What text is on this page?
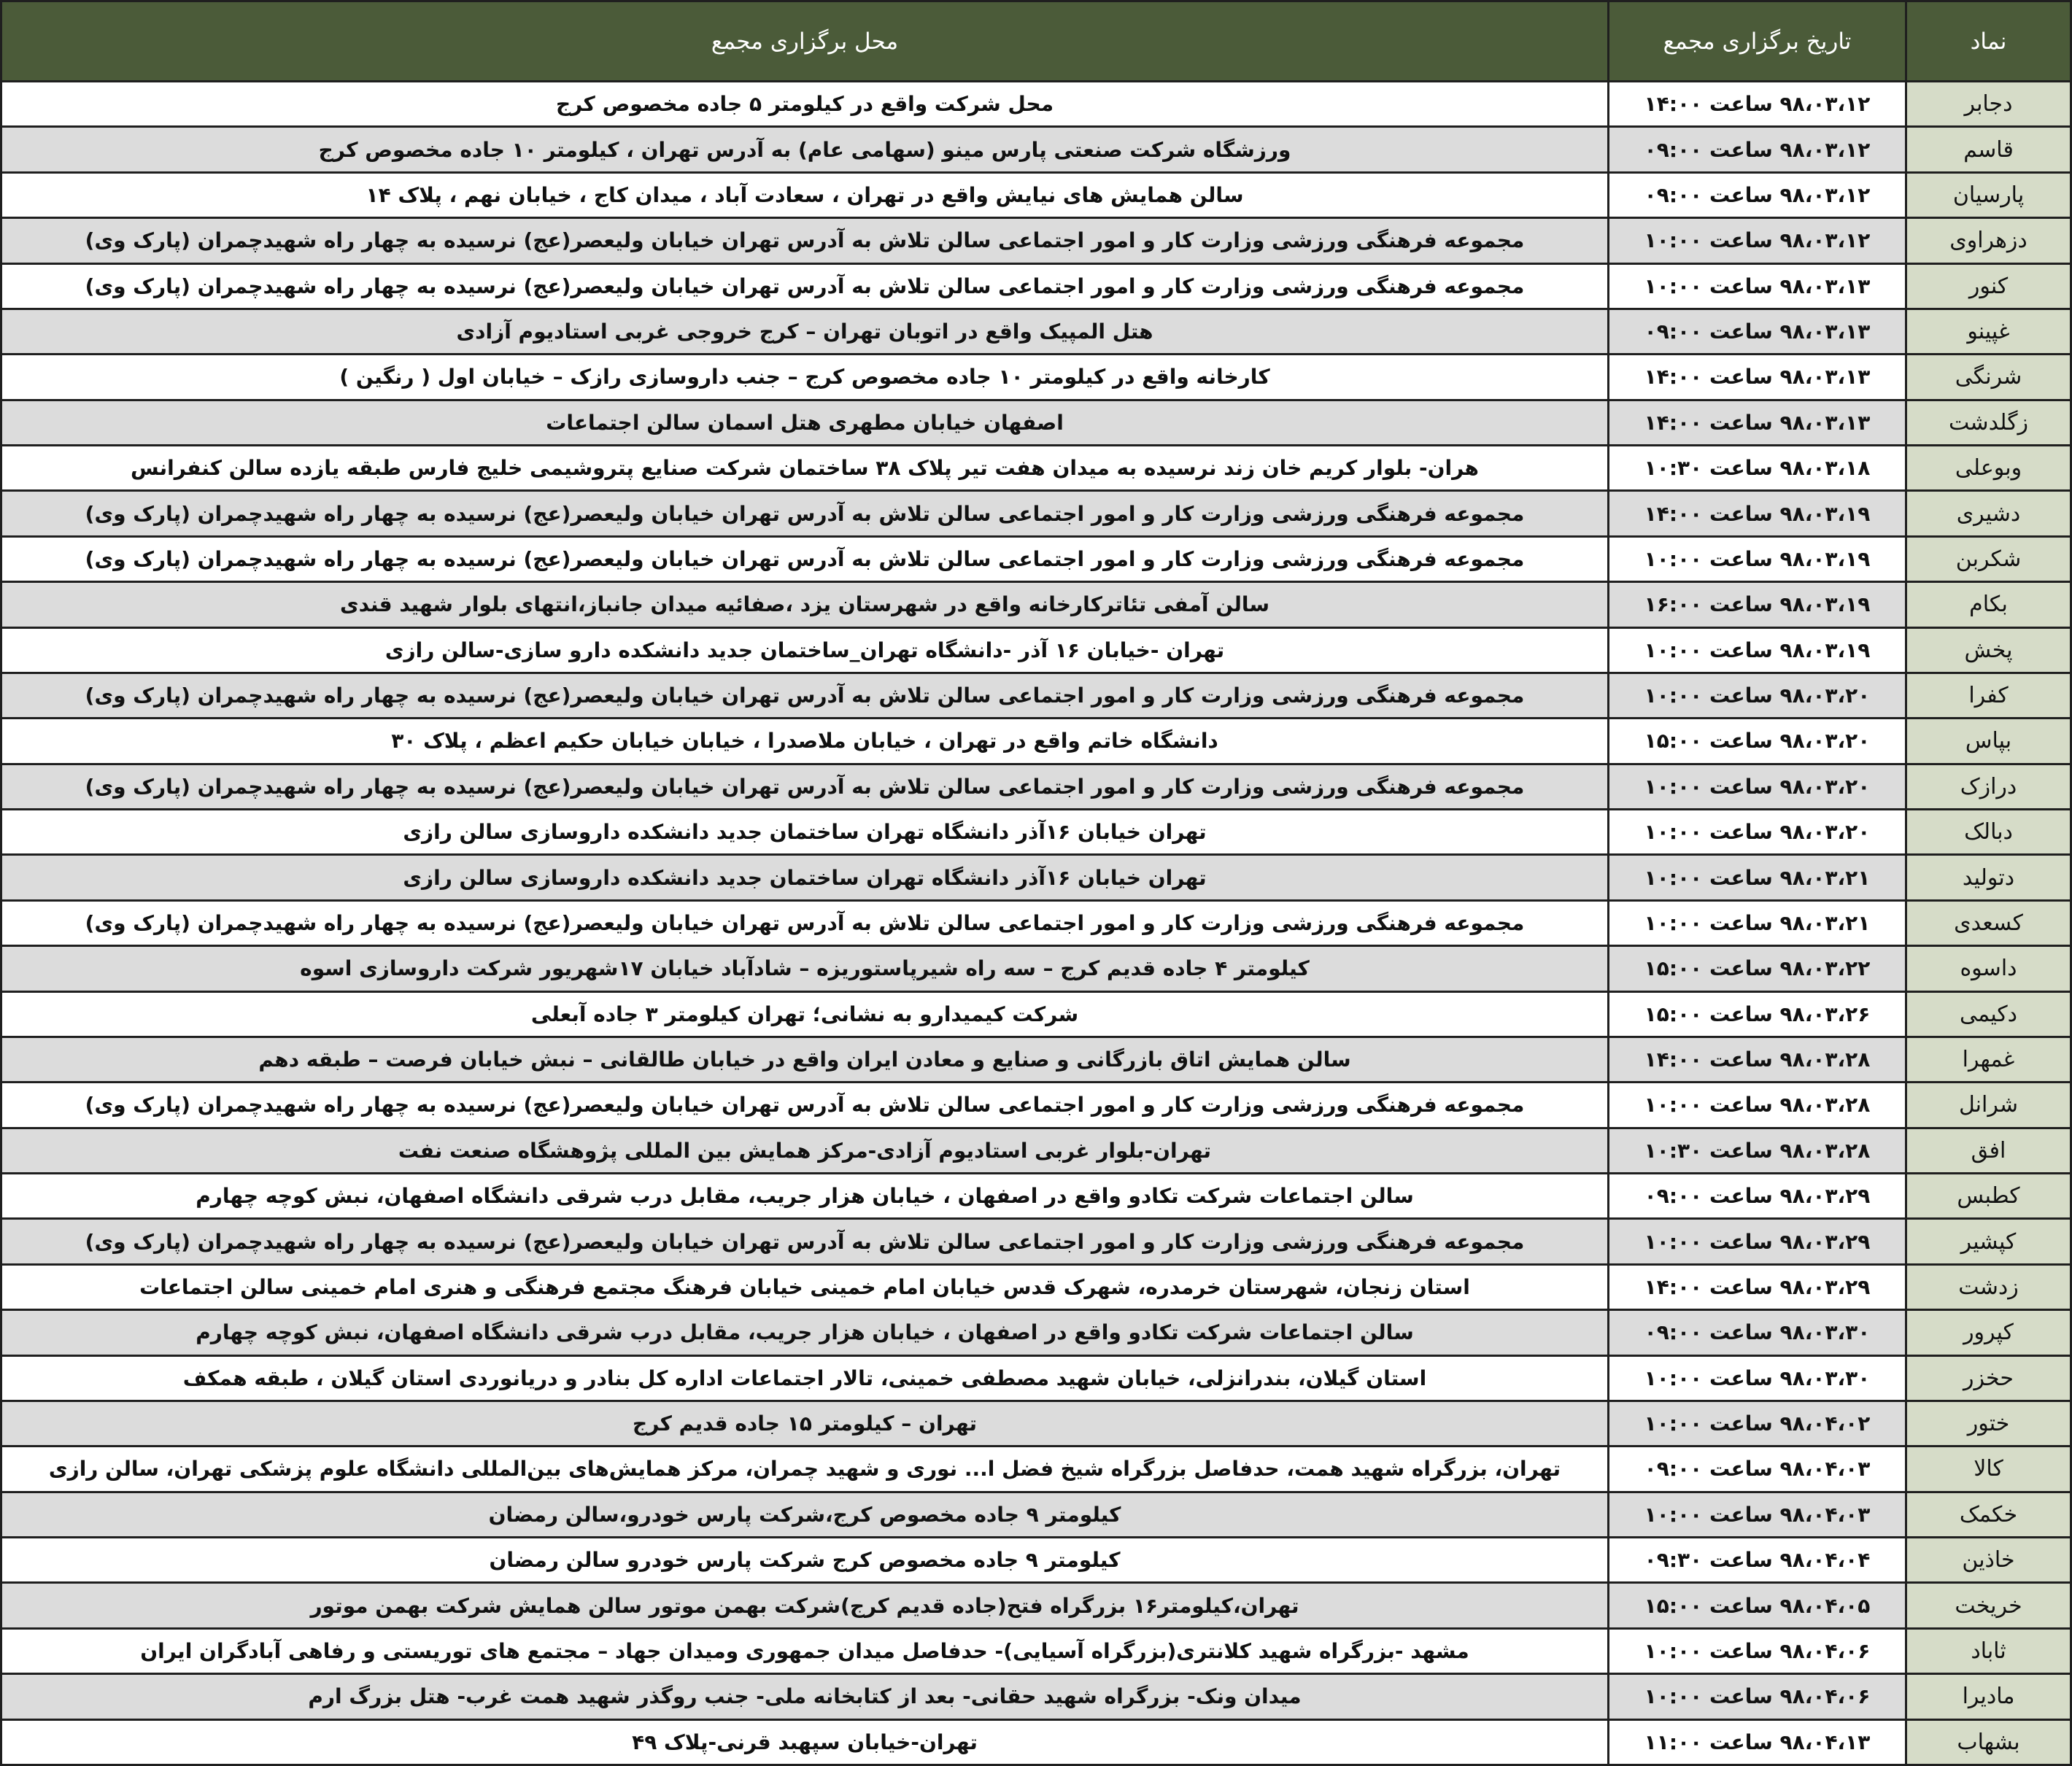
نماد	تاریخ برگزاری مجمع	محل برگزاری مجمع
دجابر	۹۸،۰۳،۱۲ ساعت ۱۴:۰۰	محل شرکت واقع در کیلومتر ۵ جاده مخصوص کرج
قاسم	۹۸،۰۳،۱۲ ساعت ۰۹:۰۰	ورزشگاه شرکت صنعتی پارس مینو (سهامی عام) به آدرس تهران ، کیلومتر ۱۰ جاده مخصوص کرج
پارسیان	۹۸،۰۳،۱۲ ساعت ۰۹:۰۰	سالن همایش های نیایش واقع در تهران ، سعادت آباد ، میدان کاج ، خیابان نهم ، پلاک ۱۴
دزهراوی	۹۸،۰۳،۱۲ ساعت ۱۰:۰۰	مجموعه فرهنگی ورزشی وزارت کار و امور اجتماعی سالن تلاش به آدرس تهران خیابان ولیعصر(عج) نرسیده به چهار راه شهیدچمران (پارک وی)
کنور	۹۸،۰۳،۱۳ ساعت ۱۰:۰۰	مجموعه فرهنگی ورزشی وزارت کار و امور اجتماعی سالن تلاش به آدرس تهران خیابان ولیعصر(عج) نرسیده به چهار راه شهیدچمران (پارک وی)
غپینو	۹۸،۰۳،۱۳ ساعت ۰۹:۰۰	هتل المپیک واقع در اتوبان تهران – کرج خروجی غربی استادیوم آزادی
شرنگی	۹۸،۰۳،۱۳ ساعت ۱۴:۰۰	کارخانه واقع در کیلومتر ۱۰ جاده مخصوص کرج – جنب داروسازی رازک – خیابان اول ( رنگین )
زگلدشت	۹۸،۰۳،۱۳ ساعت ۱۴:۰۰	اصفهان خیابان مطهری هتل اسمان سالن اجتماعات
وبوعلی	۹۸،۰۳،۱۸ ساعت ۱۰:۳۰	هران- بلوار کریم خان زند نرسیده به میدان هفت تیر پلاک ۳۸ ساختمان شرکت صنایع پتروشیمی خلیج فارس طبقه یازده سالن کنفرانس
دشیری	۹۸،۰۳،۱۹ ساعت ۱۴:۰۰	مجموعه فرهنگی ورزشی وزارت کار و امور اجتماعی سالن تلاش به آدرس تهران خیابان ولیعصر(عج) نرسیده به چهار راه شهیدچمران (پارک وی)
شکربن	۹۸،۰۳،۱۹ ساعت ۱۰:۰۰	مجموعه فرهنگی ورزشی وزارت کار و امور اجتماعی سالن تلاش به آدرس تهران خیابان ولیعصر(عج) نرسیده به چهار راه شهیدچمران (پارک وی)
بکام	۹۸،۰۳،۱۹ ساعت ۱۶:۰۰	سالن آمفی تئاترکارخانه واقع در شهرستان یزد ،صفائیه میدان جانباز،انتهای بلوار شهید قندی
پخش	۹۸،۰۳،۱۹ ساعت ۱۰:۰۰	تهران -خیابان ۱۶ آذر -دانشگاه تهران_ساختمان جدید دانشکده دارو سازی-سالن رازی
کفرا	۹۸،۰۳،۲۰ ساعت ۱۰:۰۰	مجموعه فرهنگی ورزشی وزارت کار و امور اجتماعی سالن تلاش به آدرس تهران خیابان ولیعصر(عج) نرسیده به چهار راه شهیدچمران (پارک وی)
بپاس	۹۸،۰۳،۲۰ ساعت ۱۵:۰۰	دانشگاه خاتم واقع در تهران ، خیابان ملاصدرا ، خیابان خیابان حکیم اعظم ، پلاک ۳۰
درازک	۹۸،۰۳،۲۰ ساعت ۱۰:۰۰	مجموعه فرهنگی ورزشی وزارت کار و امور اجتماعی سالن تلاش به آدرس تهران خیابان ولیعصر(عج) نرسیده به چهار راه شهیدچمران (پارک وی)
دبالک	۹۸،۰۳،۲۰ ساعت ۱۰:۰۰	تهران خیابان ۱۶آذر دانشگاه تهران ساختمان جدید دانشکده داروسازی سالن رازی
دتولید	۹۸،۰۳،۲۱ ساعت ۱۰:۰۰	تهران خیابان ۱۶آذر دانشگاه تهران ساختمان جدید دانشکده داروسازی سالن رازی
کسعدی	۹۸،۰۳،۲۱ ساعت ۱۰:۰۰	مجموعه فرهنگی ورزشی وزارت کار و امور اجتماعی سالن تلاش به آدرس تهران خیابان ولیعصر(عج) نرسیده به چهار راه شهیدچمران (پارک وی)
داسوه	۹۸،۰۳،۲۲ ساعت ۱۵:۰۰	کیلومتر ۴ جاده قدیم کرج – سه راه شیرپاستوریزه – شادآباد خیابان ۱۷شهریور شرکت داروسازی اسوه
دکیمی	۹۸،۰۳،۲۶ ساعت ۱۵:۰۰	شرکت کیمیدارو به نشانی؛ تهران کیلومتر ۳ جاده آبعلی
غمهرا	۹۸،۰۳،۲۸ ساعت ۱۴:۰۰	سالن همایش اتاق بازرگانی و صنایع و معادن ایران واقع در خیابان طالقانی – نبش خیابان فرصت – طبقه دهم
شرانل	۹۸،۰۳،۲۸ ساعت ۱۰:۰۰	مجموعه فرهنگی ورزشی وزارت کار و امور اجتماعی سالن تلاش به آدرس تهران خیابان ولیعصر(عج) نرسیده به چهار راه شهیدچمران (پارک وی)
افق	۹۸،۰۳،۲۸ ساعت ۱۰:۳۰	تهران-بلوار غربی استادیوم آزادی-مرکز همایش بین المللی پژوهشگاه صنعت نفت
کطبس	۹۸،۰۳،۲۹ ساعت ۰۹:۰۰	سالن اجتماعات شرکت تکادو واقع در اصفهان ، خیابان هزار جریب، مقابل درب شرقی دانشگاه اصفهان، نبش کوچه چهارم
کپشیر	۹۸،۰۳،۲۹ ساعت ۱۰:۰۰	مجموعه فرهنگی ورزشی وزارت کار و امور اجتماعی سالن تلاش به آدرس تهران خیابان ولیعصر(عج) نرسیده به چهار راه شهیدچمران (پارک وی)
زدشت	۹۸،۰۳،۲۹ ساعت ۱۴:۰۰	استان زنجان، شهرستان خرمدره، شهرک قدس خیابان امام خمینی خیابان فرهنگ مجتمع فرهنگی و هنری امام خمینی سالن اجتماعات
کپرور	۹۸،۰۳،۳۰ ساعت ۰۹:۰۰	سالن اجتماعات شرکت تکادو واقع در اصفهان ، خیابان هزار جریب، مقابل درب شرقی دانشگاه اصفهان، نبش کوچه چهارم
حخزر	۹۸،۰۳،۳۰ ساعت ۱۰:۰۰	استان گیلان، بندرانزلی، خیابان شهید مصطفی خمینی، تالار اجتماعات اداره کل بنادر و دریانوردی استان گیلان ، طبقه همکف
ختور	۹۸،۰۴،۰۲ ساعت ۱۰:۰۰	تهران – کیلومتر ۱۵ جاده قدیم کرج
کالا	۹۸،۰۴،۰۳ ساعت ۰۹:۰۰	تهران، بزرگراه شهید همت، حدفاصل بزرگراه شیخ فضل ا... نوری و شهید چمران، مرکز همایش‌های بین‌المللی دانشگاه علوم پزشکی تهران، سالن رازی
خکمک	۹۸،۰۴،۰۳ ساعت ۱۰:۰۰	کیلومتر ۹ جاده مخصوص کرج،شرکت پارس خودرو،سالن رمضان
خاذین	۹۸،۰۴،۰۴ ساعت ۰۹:۳۰	کیلومتر ۹ جاده مخصوص کرج شرکت پارس خودرو سالن رمضان
خریخت	۹۸،۰۴،۰۵ ساعت ۱۵:۰۰	تهران،کیلومتر۱۶ بزرگراه فتح(جاده قدیم کرج)شرکت بهمن موتور سالن همایش شرکت بهمن موتور
ثاباد	۹۸،۰۴،۰۶ ساعت ۱۰:۰۰	مشهد -بزرگراه شهید کلانتری(بزرگراه آسیایی)- حدفاصل میدان جمهوری ومیدان جهاد – مجتمع های توریستی و رفاهی آبادگران ایران
مادیرا	۹۸،۰۴،۰۶ ساعت ۱۰:۰۰	میدان ونک- بزرگراه شهید حقانی- بعد از کتابخانه ملی- جنب روگذر شهید همت غرب- هتل بزرگ ارم
بشهاب	۹۸،۰۴،۱۳ ساعت ۱۱:۰۰	تهران-خیابان سپهبد قرنی-پلاک ۴۹
